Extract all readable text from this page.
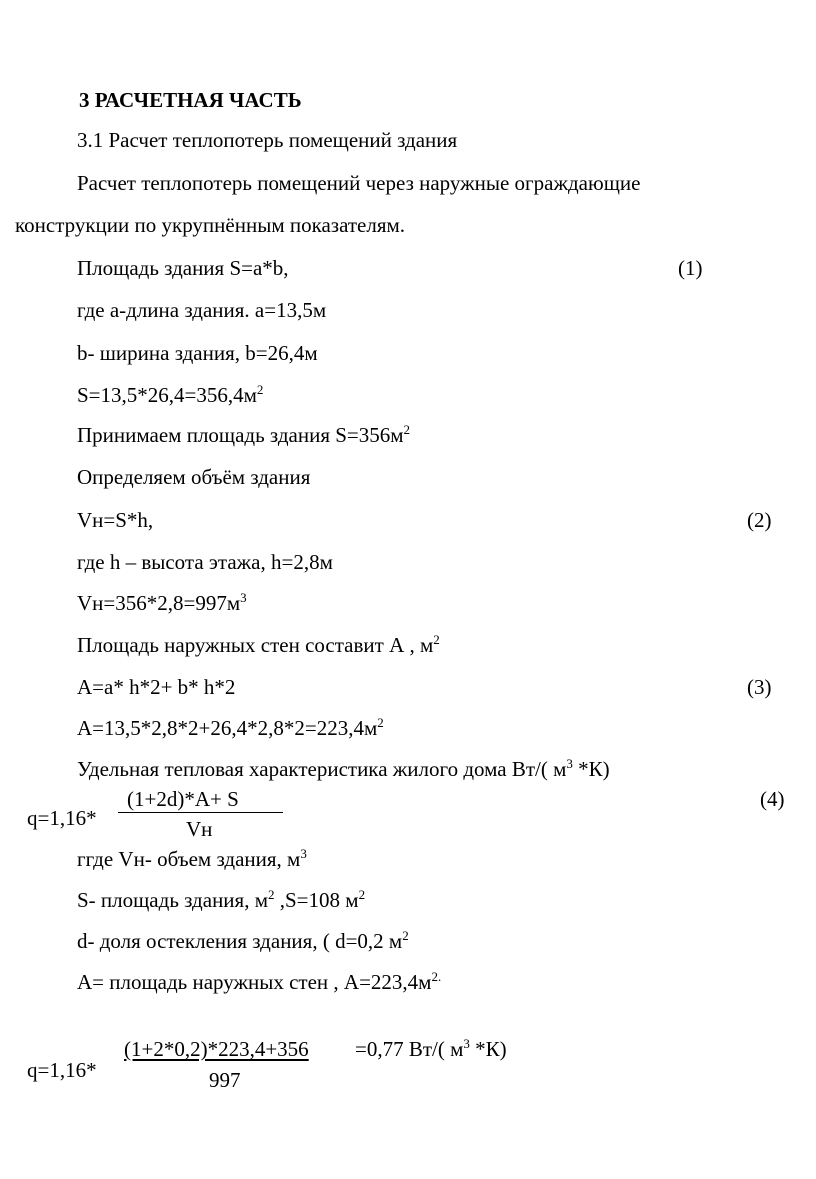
3 РАСЧЕТНАЯ ЧАСТЬ
3.1 Расчет теплопотерь помещений здания
Расчет теплопотерь помещений через наружные ограждающие
конструкции по укрупнённым показателям.
Площадь здания S=a*b,	(1)
где а-длина здания. а=13,5м
b- ширина здания, b=26,4м
$S=13,5*26,4=356,4м^2$
Принимаем площадь здания $S=356м^2$
Определяем объём здания
Vн=S*h,	(2)
где h – высота этажа, h=2,8м
$Vн=356*2,8=997м^3$
Площадь наружных стен составит А , $м^2$
А=a* h*2+ b* h*2	(3)
$А=13,5*2,8*2+26,4*2,8*2=223,4м^2$
Удельная тепловая характеристика жилого дома Вт/( $м^3$ *К)
q=1,16*
(1+2d)*А+ S
Vн
(4)
ггде Vн- объем здания, $м^3$
S- площадь здания, $м^2$ ,S=108 $м^2$
d- доля остекления здания, ( d=0,2 $м^2$
А= площадь наружных стен , $А=223,4м^{2.}$
q=1,16*
(1+2*0,2)*223,4+356 =0,77 Вт/( $м^3$ *К)
997
